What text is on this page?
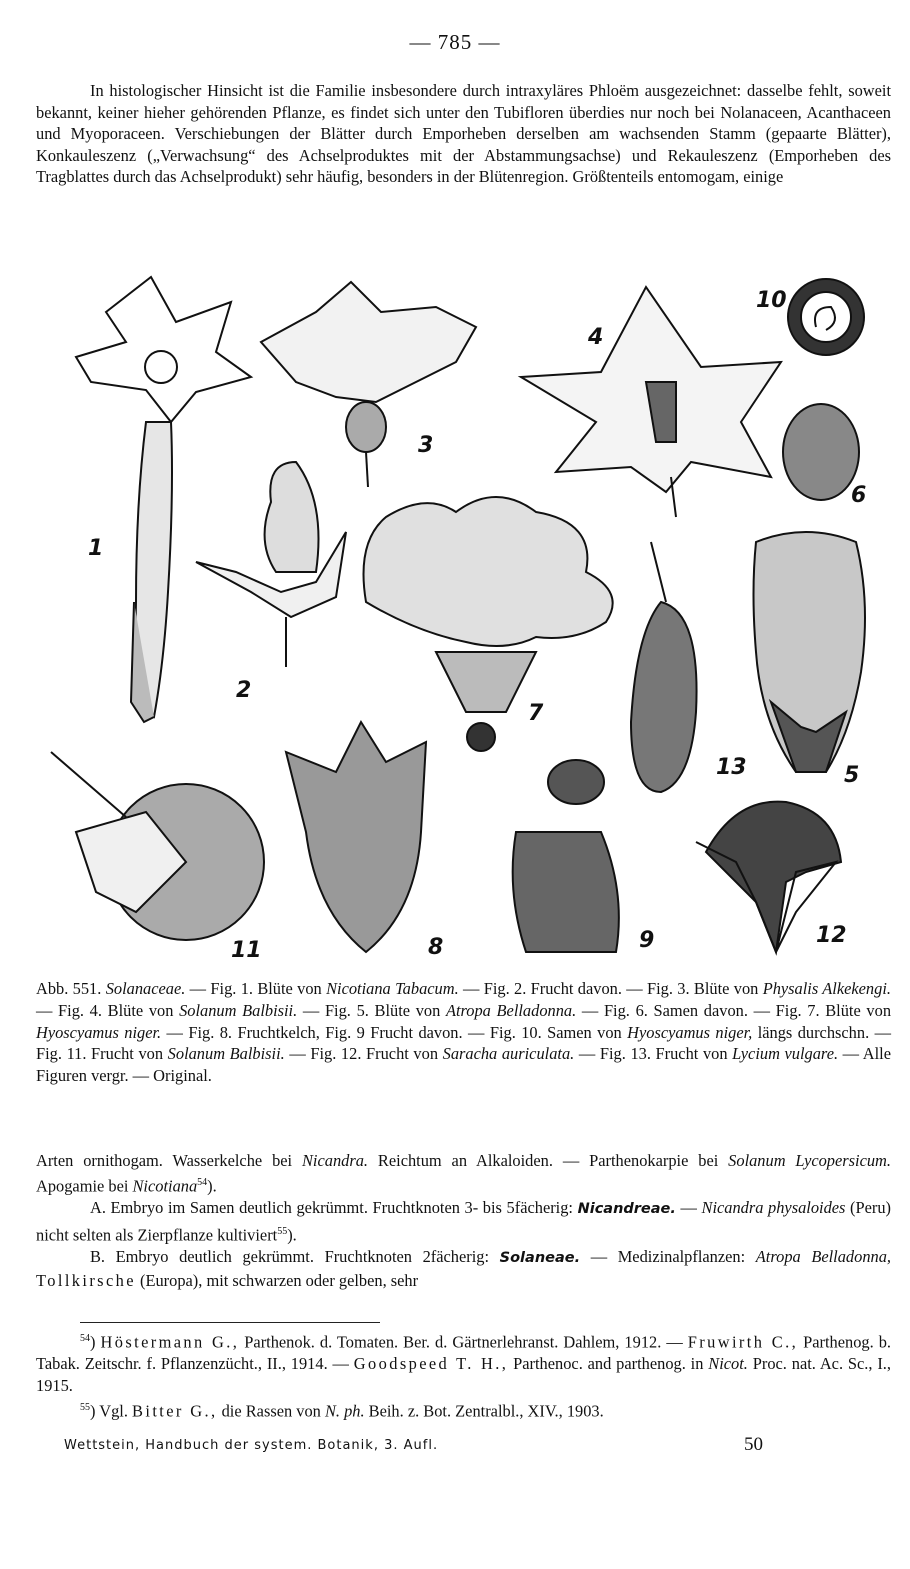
— 785 —

In histologischer Hinsicht ist die Familie insbesondere durch intraxyläres Phloëm ausgezeichnet: dasselbe fehlt, soweit bekannt, keiner hieher gehörenden Pflanze, es findet sich unter den Tubifloren überdies nur noch bei Nolanaceen, Acanthaceen und Myoporaceen. Verschiebungen der Blätter durch Emporheben derselben am wachsenden Stamm (gepaarte Blätter), Konkauleszenz („Verwachsung“ des Achselproduktes mit der Abstammungsachse) und Rekauleszenz (Emporheben des Tragblattes durch das Achselprodukt) sehr häufig, besonders in der Blütenregion. Größtenteils entomogam, einige

1
2
3
4
5
6
7
8	9
10
11
12
13

Abb. 551. Solanaceae. — Fig. 1. Blüte von Nicotiana Tabacum. — Fig. 2. Frucht davon. — Fig. 3. Blüte von Physalis Alkekengi. — Fig. 4. Blüte von Solanum Balbisii. — Fig. 5. Blüte von Atropa Belladonna. — Fig. 6. Samen davon. — Fig. 7. Blüte von Hyoscyamus niger. — Fig. 8. Fruchtkelch, Fig. 9 Frucht davon. — Fig. 10. Samen von Hyoscyamus niger, längs durchschn. — Fig. 11. Frucht von Solanum Balbisii. — Fig. 12. Frucht von Saracha auriculata. — Fig. 13. Frucht von Lycium vulgare. — Alle Figuren vergr. — Original.

Arten ornithogam. Wasserkelche bei Nicandra. Reichtum an Alkaloiden. — Parthenokarpie bei Solanum Lycopersicum. Apogamie bei Nicotiana$^{54}$).

A. Embryo im Samen deutlich gekrümmt. Fruchtknoten 3- bis 5fächerig: Nicandreae. — Nicandra physaloides (Peru) nicht selten als Zierpflanze kultiviert$^{55}$).

B. Embryo deutlich gekrümmt. Fruchtknoten 2fächerig: Solaneae. — Medizinalpflanzen: Atropa Belladonna, Tollkirsche (Europa), mit schwarzen oder gelben, sehr

$^{54}$) Höstermann G., Parthenok. d. Tomaten. Ber. d. Gärtnerlehranst. Dahlem, 1912. — Fruwirth C., Parthenog. b. Tabak. Zeitschr. f. Pflanzenzücht., II., 1914. — Goodspeed T. H., Parthenoc. and parthenog. in Nicot. Proc. nat. Ac. Sc., I., 1915.

$^{55}$) Vgl. Bitter G., die Rassen von N. ph. Beih. z. Bot. Zentralbl., XIV., 1903.

Wettstein, Handbuch der system. Botanik, 3. Aufl.	50
